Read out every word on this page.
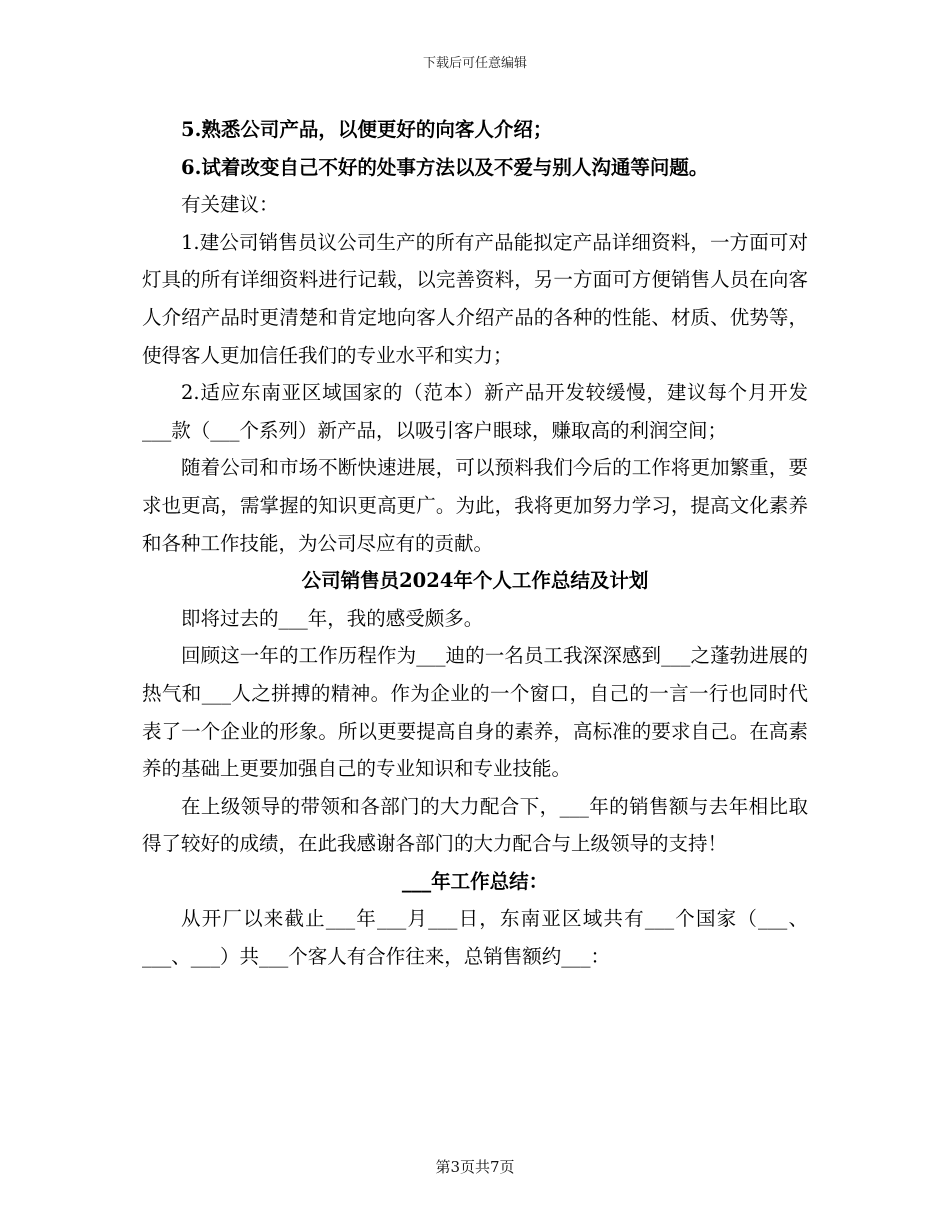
下载后可任意编辑

5.熟悉公司产品，以便更好的向客人介绍；

6.试着改变自己不好的处事方法以及不爱与别人沟通等问题。

有关建议：

1.建公司销售员议公司生产的所有产品能拟定产品详细资料，一方面可对灯具的所有详细资料进行记载，以完善资料，另一方面可方便销售人员在向客人介绍产品时更清楚和肯定地向客人介绍产品的各种的性能、材质、优势等，使得客人更加信任我们的专业水平和实力；

2.适应东南亚区域国家的（范本）新产品开发较缓慢，建议每个月开发___款（___个系列）新产品，以吸引客户眼球，赚取高的利润空间；

随着公司和市场不断快速进展，可以预料我们今后的工作将更加繁重，要求也更高，需掌握的知识更高更广。为此，我将更加努力学习，提高文化素养和各种工作技能，为公司尽应有的贡献。

公司销售员2024年个人工作总结及计划

即将过去的___年，我的感受颇多。

回顾这一年的工作历程作为___迪的一名员工我深深感到___之蓬勃进展的热气和___人之拼搏的精神。作为企业的一个窗口，自己的一言一行也同时代表了一个企业的形象。所以更要提高自身的素养，高标准的要求自己。在高素养的基础上更要加强自己的专业知识和专业技能。

在上级领导的带领和各部门的大力配合下，___年的销售额与去年相比取得了较好的成绩，在此我感谢各部门的大力配合与上级领导的支持！

___年工作总结：

从开厂以来截止___年___月___日，东南亚区域共有___个国家（___、___、___）共___个客人有合作往来，总销售额约___：

第3页共7页
